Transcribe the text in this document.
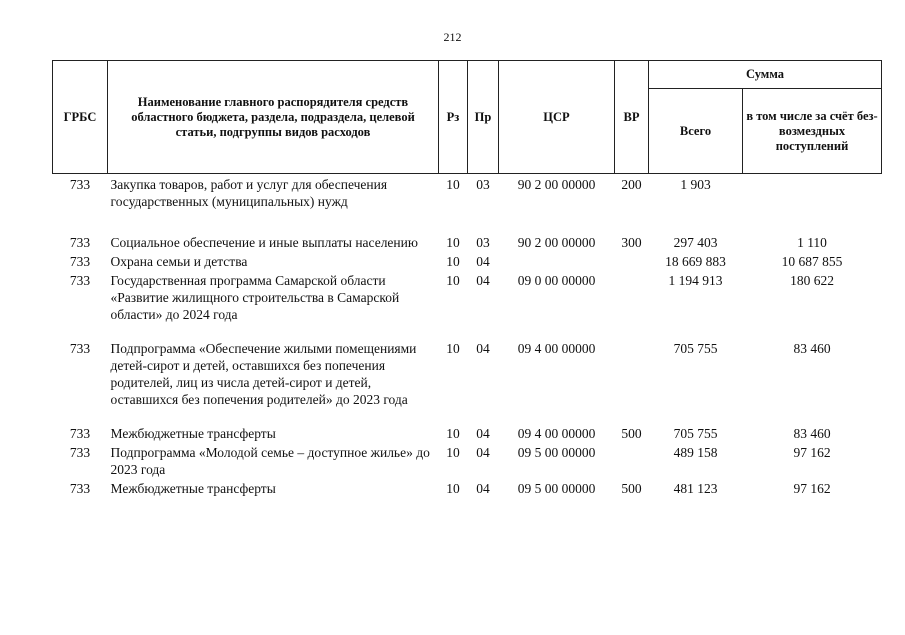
212
ГРБС	Наименование главного распорядителя средств областного бюджета, раздела, подраздела, целевой статьи, подгруппы видов расходов	Рз	Пр	ЦСР	ВР	Сумма	
						Всего	в том числе за счёт без-возмездных поступлений
733	Закупка товаров, работ и услуг для обеспечения государственных (муниципальных) нужд	10	03	90 2 00 00000	200	1 903	
733	Социальное обеспечение и иные выплаты населению	10	03	90 2 00 00000	300	297 403	1 110
733	Охрана семьи и детства	10	04			18 669 883	10 687 855
733	Государственная программа Самарской области «Развитие жилищного строительства в Самарской области» до 2024 года	10	04	09 0 00 00000		1 194 913	180 622
733	Подпрограмма «Обеспечение жилыми помещениями детей-сирот и детей, оставшихся без попечения родителей, лиц из числа детей-сирот и детей, оставшихся без попечения родителей» до 2023 года	10	04	09 4 00 00000		705 755	83 460
733	Межбюджетные трансферты	10	04	09 4 00 00000	500	705 755	83 460
733	Подпрограмма «Молодой семье – доступное жилье» до 2023 года	10	04	09 5 00 00000		489 158	97 162
733	Межбюджетные трансферты	10	04	09 5 00 00000	500	481 123	97 162
